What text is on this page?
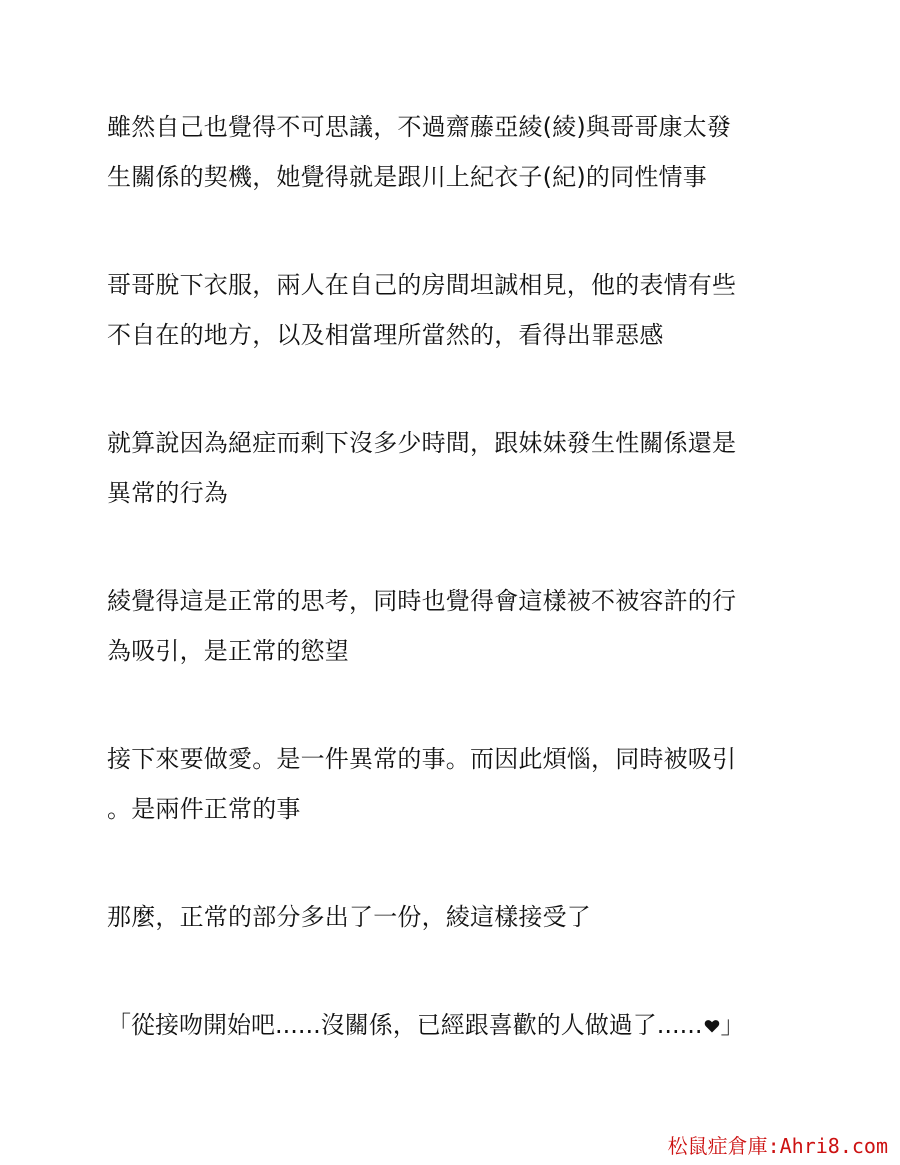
雖然自己也覺得不可思議，不過齋藤亞綾(綾)與哥哥康太發
生關係的契機，她覺得就是跟川上紀衣子(紀)的同性情事
哥哥脫下衣服，兩人在自己的房間坦誠相見，他的表情有些
不自在的地方，以及相當理所當然的，看得出罪惡感
就算說因為絕症而剩下沒多少時間，跟妹妹發生性關係還是
異常的行為
綾覺得這是正常的思考，同時也覺得會這樣被不被容許的行
為吸引，是正常的慾望
接下來要做愛。是一件異常的事。而因此煩惱，同時被吸引
。是兩件正常的事
那麼，正常的部分多出了一份，綾這樣接受了
「從接吻開始吧......沒關係，已經跟喜歡的人做過了...... 」
松鼠症倉庫:Ahri8.com
